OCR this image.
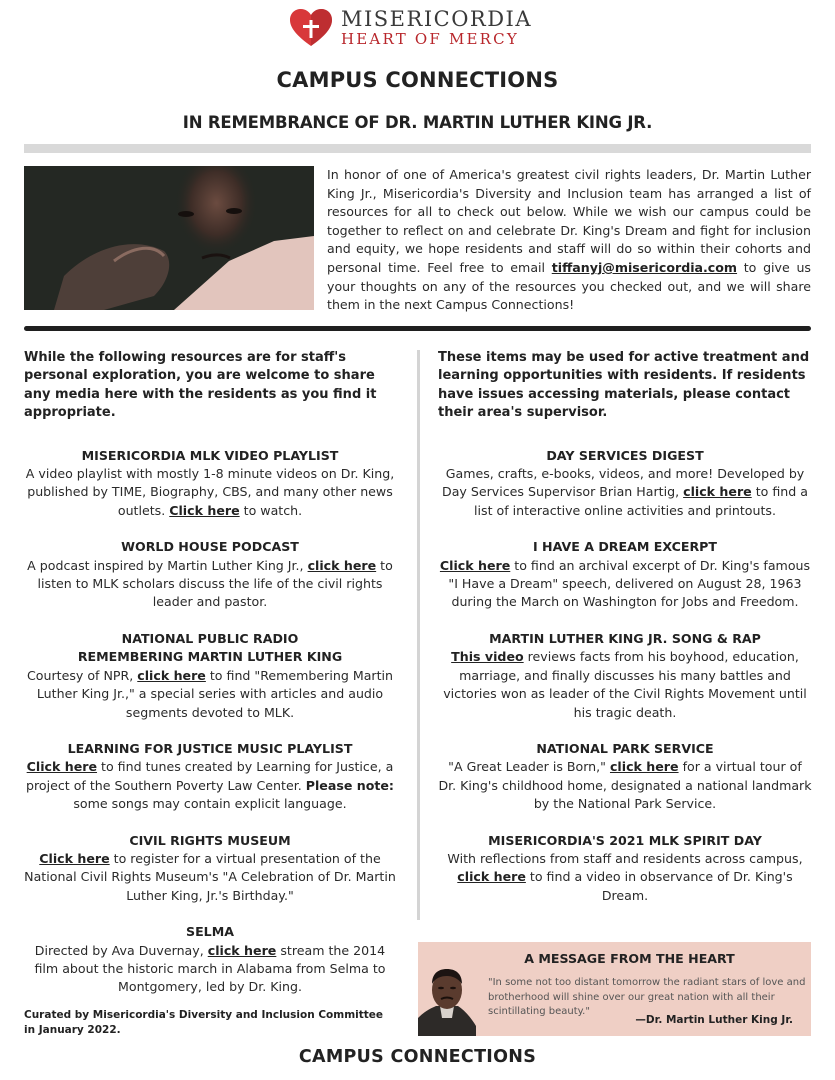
MISERICORDIA
HEART OF MERCY
CAMPUS CONNECTIONS
IN REMEMBRANCE OF DR. MARTIN LUTHER KING JR.

In honor of one of America's greatest civil rights leaders, Dr. Martin Luther King Jr., Misericordia's Diversity and Inclusion team has arranged a list of resources for all to check out below. While we wish our campus could be together to reflect on and celebrate Dr. King's Dream and fight for inclusion and equity, we hope residents and staff will do so within their cohorts and personal time. Feel free to email tiffanyj@misericordia.com to give us your thoughts on any of the resources you checked out, and we will share them in the next Campus Connections!

While the following resources are for staff's personal exploration, you are welcome to share any media here with the residents as you find it appropriate.

MISERICORDIA MLK VIDEO PLAYLIST
A video playlist with mostly 1-8 minute videos on Dr. King, published by TIME, Biography, CBS, and many other news outlets. Click here to watch.
WORLD HOUSE PODCAST
A podcast inspired by Martin Luther King Jr., click here to listen to MLK scholars discuss the life of the civil rights leader and pastor.
NATIONAL PUBLIC RADIO
REMEMBERING MARTIN LUTHER KING
Courtesy of NPR, click here to find "Remembering Martin Luther King Jr.," a special series with articles and audio segments devoted to MLK.
LEARNING FOR JUSTICE MUSIC PLAYLIST
Click here to find tunes created by Learning for Justice, a project of the Southern Poverty Law Center. Please note: some songs may contain explicit language.
CIVIL RIGHTS MUSEUM
Click here to register for a virtual presentation of the National Civil Rights Museum's "A Celebration of Dr. Martin Luther King, Jr.'s Birthday."
SELMA
Directed by Ava Duvernay, click here stream the 2014 film about the historic march in Alabama from Selma to Montgomery, led by Dr. King.

Curated by Misericordia's Diversity and Inclusion Committee in January 2022.

These items may be used for active treatment and learning opportunities with residents. If residents have issues accessing materials, please contact their area's supervisor.

DAY SERVICES DIGEST
Games, crafts, e-books, videos, and more! Developed by Day Services Supervisor Brian Hartig, click here to find a list of interactive online activities and printouts.
I HAVE A DREAM EXCERPT
Click here to find an archival excerpt of Dr. King's famous "I Have a Dream" speech, delivered on August 28, 1963 during the March on Washington for Jobs and Freedom.
MARTIN LUTHER KING JR. SONG & RAP
This video reviews facts from his boyhood, education, marriage, and finally discusses his many battles and victories won as leader of the Civil Rights Movement until his tragic death.
NATIONAL PARK SERVICE
"A Great Leader is Born," click here for a virtual tour of Dr. King's childhood home, designated a national landmark by the National Park Service.
MISERICORDIA'S 2021 MLK SPIRIT DAY
With reflections from staff and residents across campus, click here to find a video in observance of Dr. King's Dream.
A MESSAGE FROM THE HEART

"In some not too distant tomorrow the radiant stars of love and brotherhood will shine over our great nation with all their scintillating beauty."

—Dr. Martin Luther King Jr.
CAMPUS CONNECTIONS
